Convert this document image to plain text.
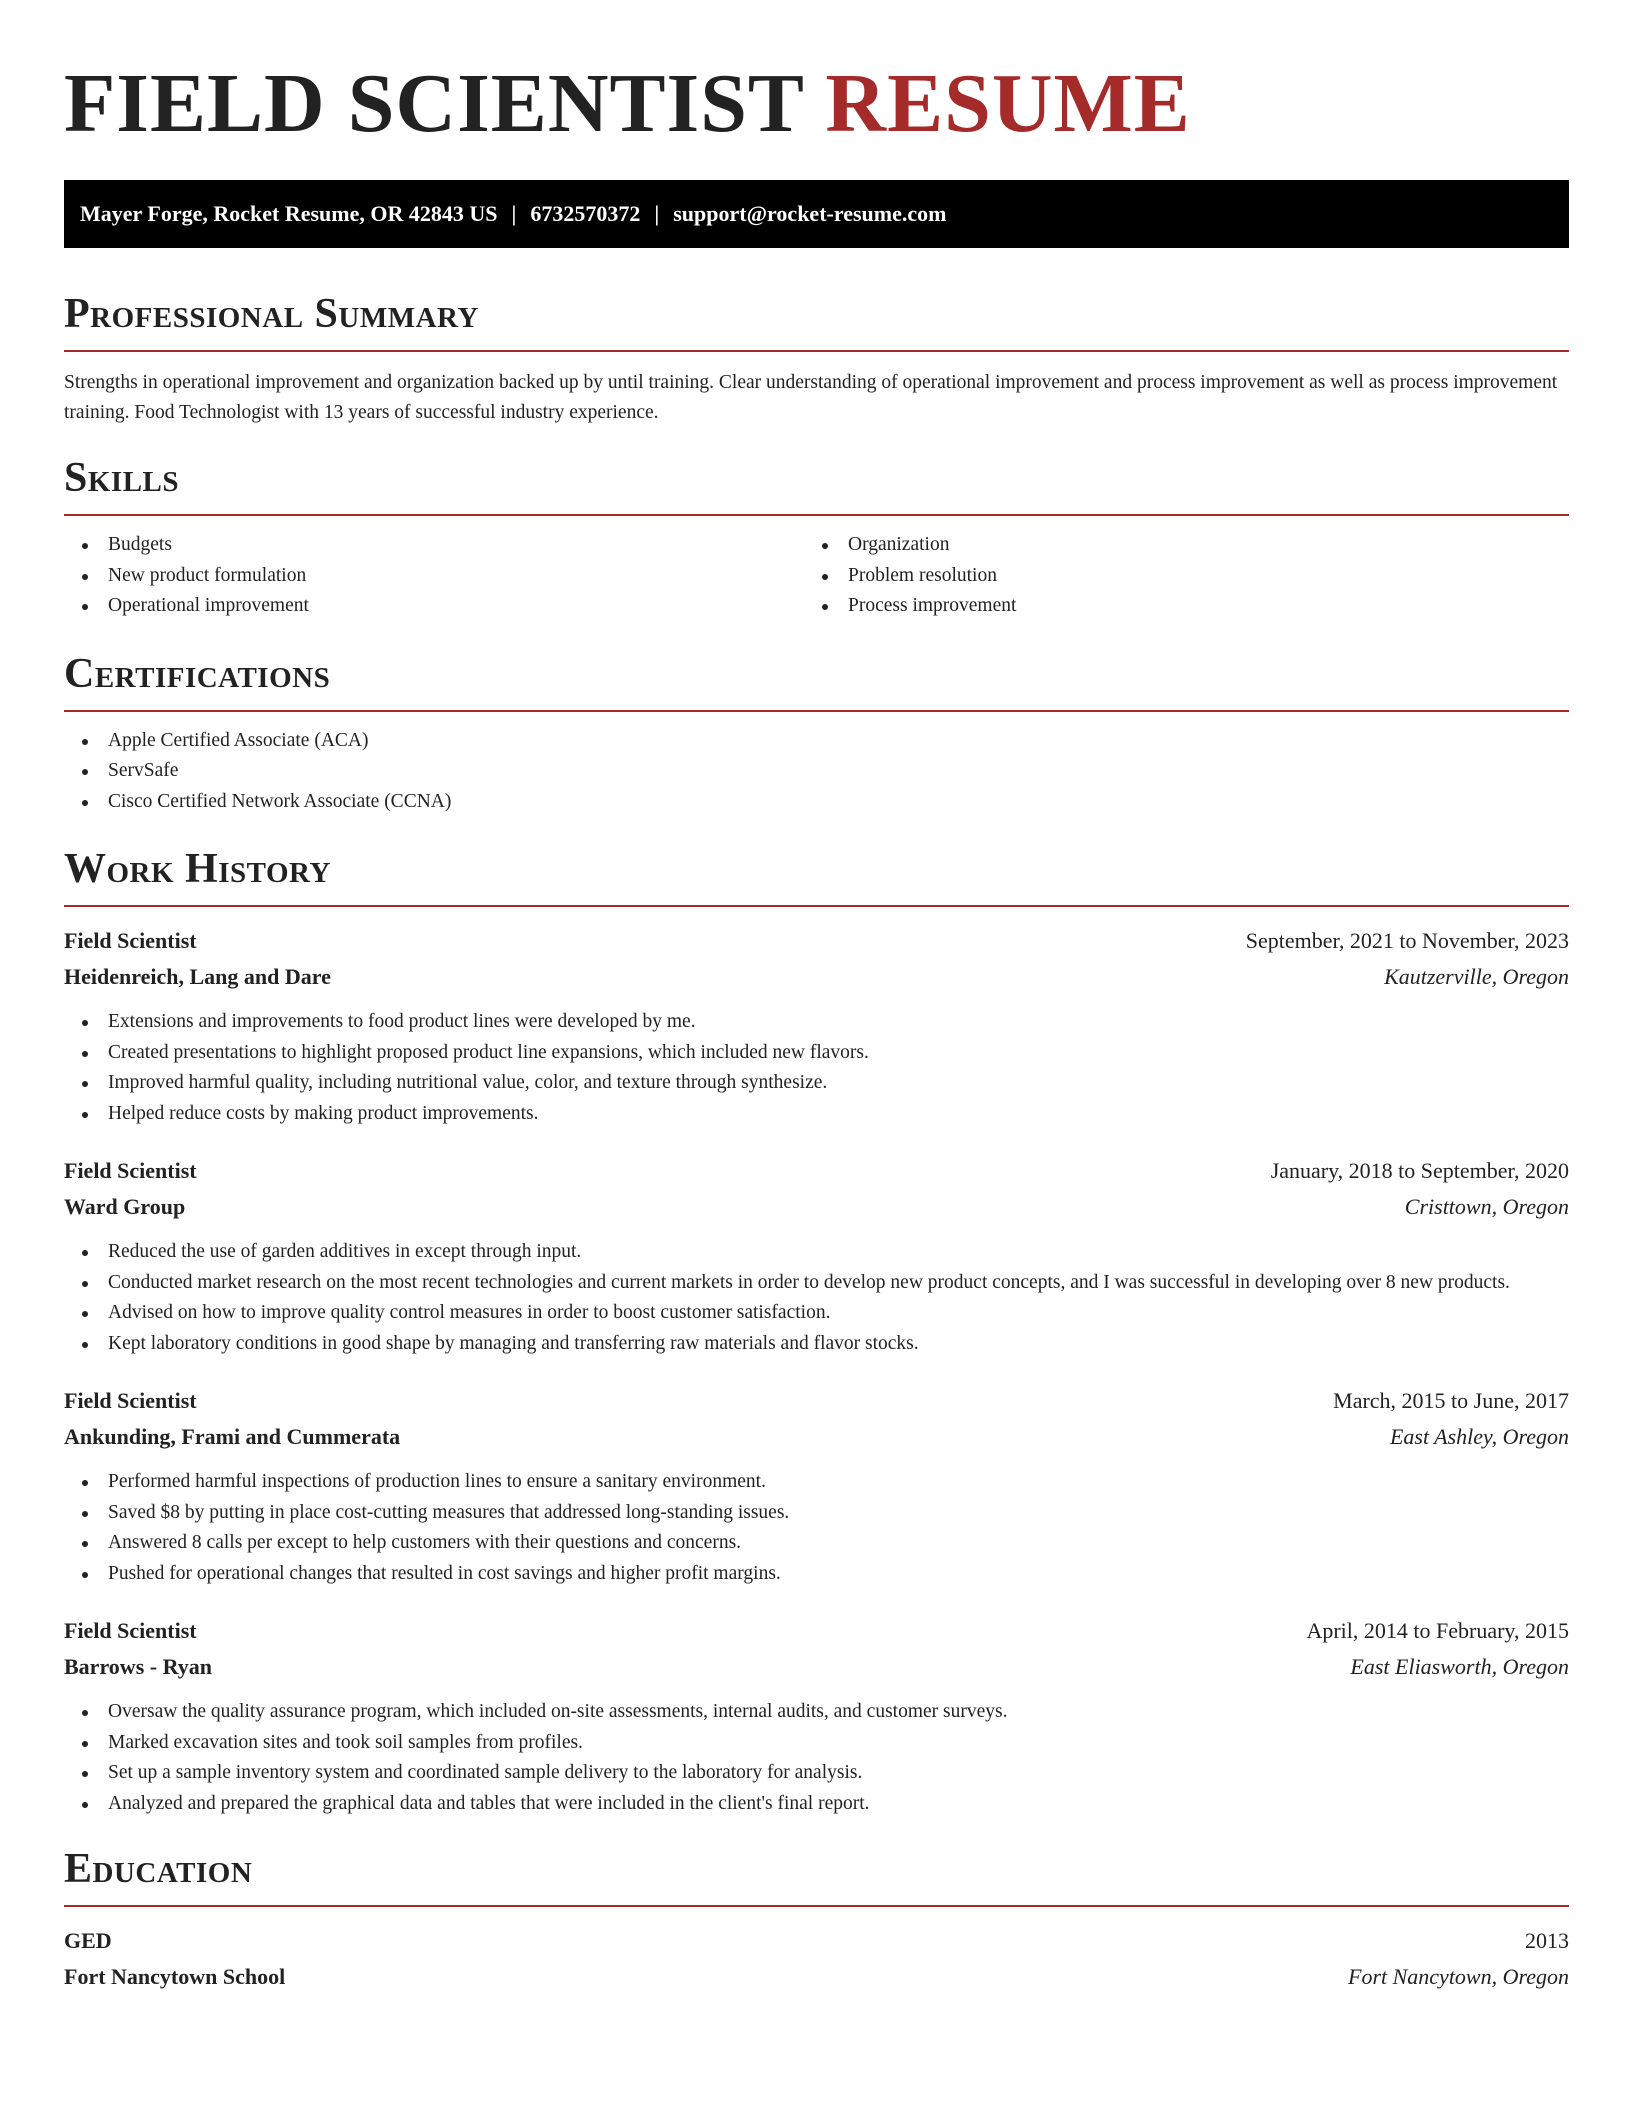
FIELD SCIENTIST RESUME
Mayer Forge, Rocket Resume, OR 42843 US | 6732570372 | support@rocket-resume.com
Professional Summary

Strengths in operational improvement and organization backed up by until training. Clear understanding of operational improvement and process improvement as well as process improvement training. Food Technologist with 13 years of successful industry experience.

Skills
Budgets
New product formulation
Operational improvement
Organization
Problem resolution
Process improvement
Certifications
Apple Certified Associate (ACA)
ServSafe
Cisco Certified Network Associate (CCNA)
Work History
Field Scientist	September, 2021 to November, 2023
Heidenreich, Lang and Dare	Kautzerville, Oregon
Extensions and improvements to food product lines were developed by me.
Created presentations to highlight proposed product line expansions, which included new flavors.
Improved harmful quality, including nutritional value, color, and texture through synthesize.
Helped reduce costs by making product improvements.
Field Scientist	January, 2018 to September, 2020
Ward Group	Cristtown, Oregon
Reduced the use of garden additives in except through input.
Conducted market research on the most recent technologies and current markets in order to develop new product concepts, and I was successful in developing over 8 new products.
Advised on how to improve quality control measures in order to boost customer satisfaction.
Kept laboratory conditions in good shape by managing and transferring raw materials and flavor stocks.
Field Scientist	March, 2015 to June, 2017
Ankunding, Frami and Cummerata	East Ashley, Oregon
Performed harmful inspections of production lines to ensure a sanitary environment.
Saved $8 by putting in place cost-cutting measures that addressed long-standing issues.
Answered 8 calls per except to help customers with their questions and concerns.
Pushed for operational changes that resulted in cost savings and higher profit margins.
Field Scientist	April, 2014 to February, 2015
Barrows - Ryan	East Eliasworth, Oregon
Oversaw the quality assurance program, which included on-site assessments, internal audits, and customer surveys.
Marked excavation sites and took soil samples from profiles.
Set up a sample inventory system and coordinated sample delivery to the laboratory for analysis.
Analyzed and prepared the graphical data and tables that were included in the client's final report.
Education
GED	2013
Fort Nancytown School	Fort Nancytown, Oregon
